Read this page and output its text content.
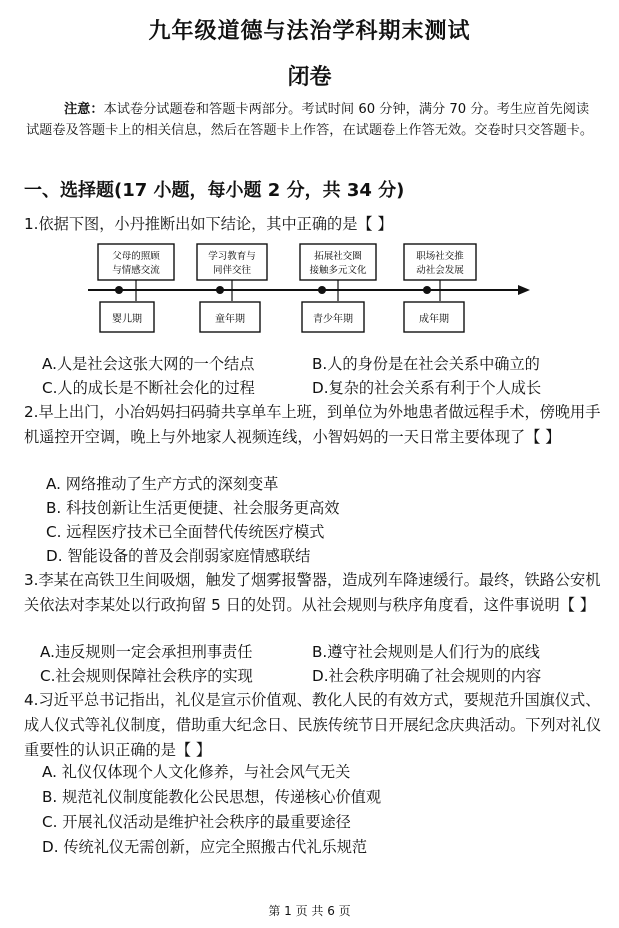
九年级道德与法治学科期末测试
闭卷
注意：本试卷分试题卷和答题卡两部分。考试时间 60 分钟，满分 70 分。考生应首先阅读试题卷及答题卡上的相关信息，然后在答题卡上作答，在试题卷上作答无效。交卷时只交答题卡。
一、选择题(17 小题，每小题 2 分，共 34 分)
1.依据下图，小丹推断出如下结论，其中正确的是【 】
父母的照顾
与情感交流
婴儿期
学习教育与
同伴交往
童年期
拓展社交圈
接触多元文化
青少年期
职场社交推
动社会发展
成年期
A.人是社会这张大网的一个结点	B.人的身份是在社会关系中确立的
C.人的成长是不断社会化的过程	D.复杂的社会关系有利于个人成长
2.早上出门，小冶妈妈扫码骑共享单车上班，到单位为外地患者做远程手术，傍晚用手机遥控开空调，晚上与外地家人视频连线，小智妈妈的一天日常主要体现了【 】
A. 网络推动了生产方式的深刻变革
B. 科技创新让生活更便捷、社会服务更高效
C. 远程医疗技术已全面替代传统医疗模式
D. 智能设备的普及会削弱家庭情感联结
3.李某在高铁卫生间吸烟，触发了烟雾报警器，造成列车降速缓行。最终，铁路公安机关依法对李某处以行政拘留 5 日的处罚。从社会规则与秩序角度看，这件事说明【 】
A.违反规则一定会承担刑事责任	B.遵守社会规则是人们行为的底线
C.社会规则保障社会秩序的实现	D.社会秩序明确了社会规则的内容
4.习近平总书记指出，礼仪是宣示价值观、教化人民的有效方式，要规范升国旗仪式、成人仪式等礼仪制度，借助重大纪念日、民族传统节日开展纪念庆典活动。下列对礼仪重要性的认识正确的是【 】
A. 礼仪仅体现个人文化修养，与社会风气无关
B. 规范礼仪制度能教化公民思想，传递核心价值观
C. 开展礼仪活动是维护社会秩序的最重要途径
D. 传统礼仪无需创新，应完全照搬古代礼乐规范
第 1 页 共 6 页
